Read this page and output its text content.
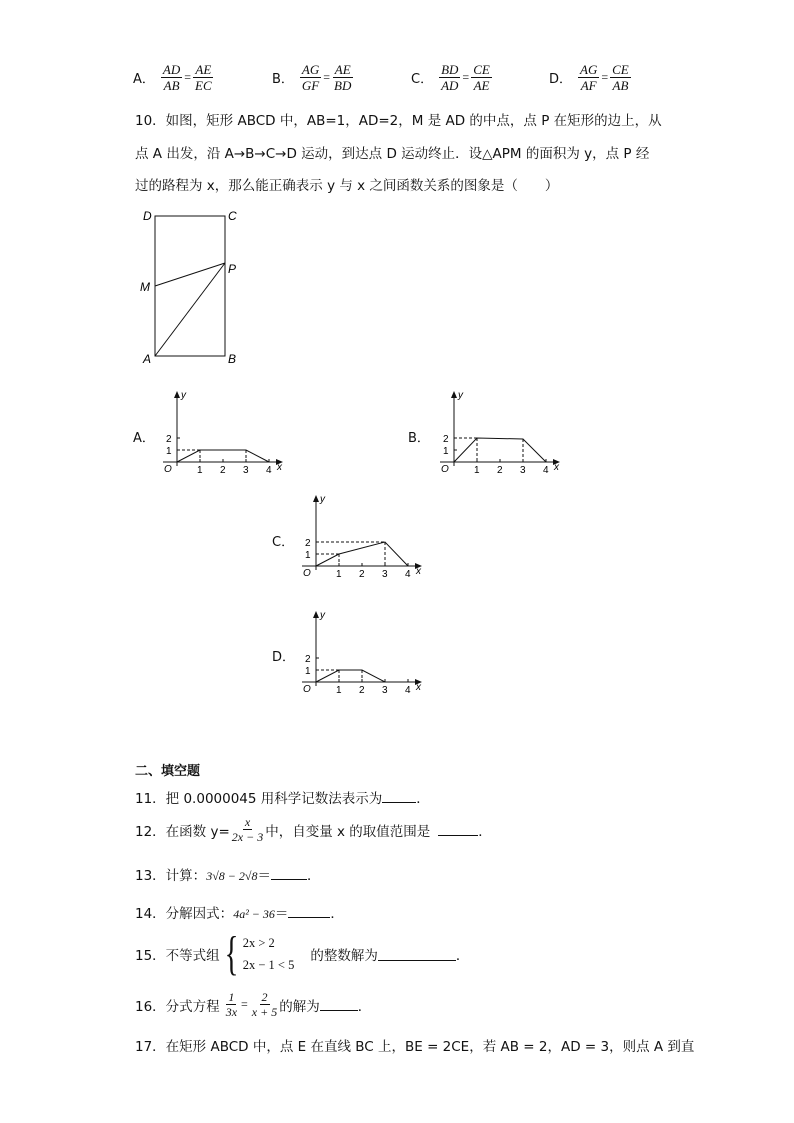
A． $\frac{AD}{AB} = \frac{AE}{EC}$	B． $\frac{AG}{GF} = \frac{AE}{BD}$	C． $\frac{BD}{AD} = \frac{CE}{AE}$	D． $\frac{AG}{AF} = \frac{CE}{AB}$
10．如图，矩形 ABCD 中，AB=1，AD=2，M 是 AD 的中点，点 P 在矩形的边上，从
点 A 出发，沿 A→B→C→D 运动，到达点 D 运动终止．设△APM 的面积为 y，点 P 经
过的路程为 x，那么能正确表示 y 与 x 之间函数关系的图象是（　　）
D	C
M
P
A	B
A．	B．
C．
D．
1 2 3 4
1
2
O	x
y
1 2 3 4
1
2
O	x
y
1 2 3 4
1
2
O	x
y
1 2 3 4
1
2
O	x
y
二、填空题
11．把 0.0000045 用科学记数法表示为	．
12．在函数 $y= \frac{x}{2x - 3}$ 中，自变量 x 的取值范围是	．
13．计算：3√8 − 2√8＝	．
14．分解因式：4a² − 36＝	．
15．不等式组 { 2x > 2
2x − 1 < 5
的整数解为	．
16．分式方程 $\frac{1}{3x} = \frac{2}{x + 5}$ 的解为	．
17．在矩形 ABCD 中，点 E 在直线 BC 上，BE = 2CE，若 AB = 2，AD = 3，则点 A 到直
